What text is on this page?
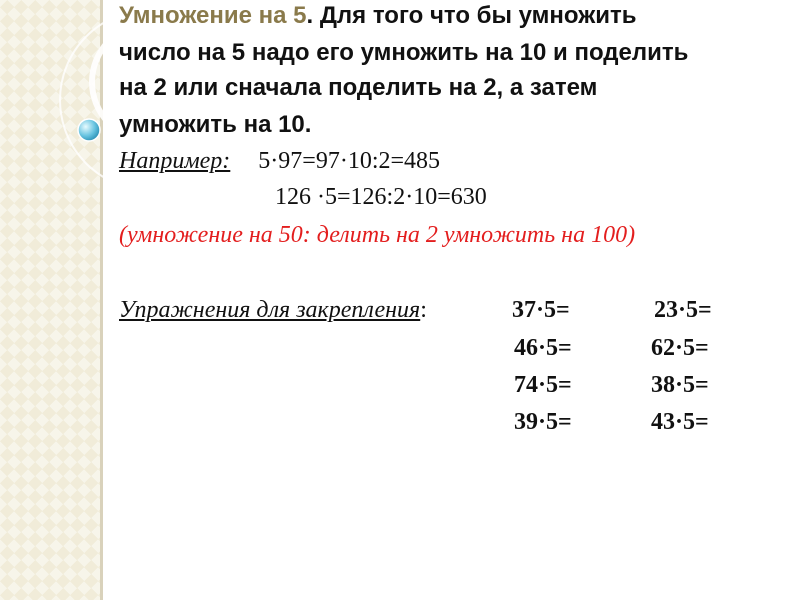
Умножение на 5. Для того что бы умножить
число на 5 надо его умножить на 10 и поделить
на 2 или сначала поделить на 2, а затем
умножить на 10.
Например: 5·97=97·10:2=485
126 ·5=126:2·10=630
(умножение на 50: делить на 2 умножить на 100)
Упражнения для закрепления:	37·5=	23·5=
46·5=	62·5=
74·5=	38·5=
39·5=	43·5=
